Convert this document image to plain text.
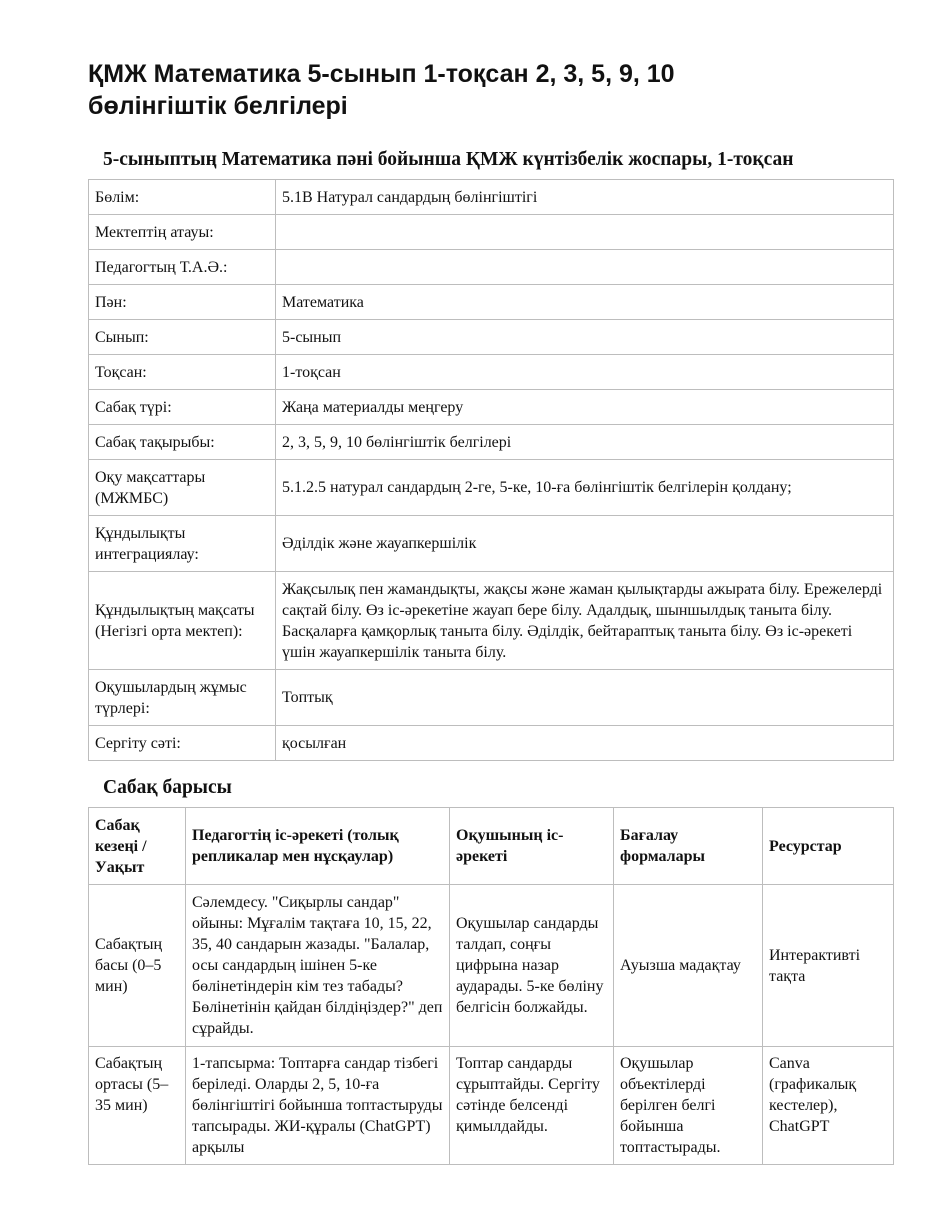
ҚМЖ Математика 5-сынып 1-тоқсан 2, 3, 5, 9, 10 бөлінгіштік белгілері
5-сыныптың Математика пәні бойынша ҚМЖ күнтізбелік жоспары, 1-тоқсан
Бөлім:	5.1В Натурал сандардың бөлінгіштігі
Мектептің атауы:	
Педагогтың Т.А.Ә.:	
Пән:	Математика
Сынып:	5-сынып
Тоқсан:	1-тоқсан
Сабақ түрі:	Жаңа материалды меңгеру
Сабақ тақырыбы:	2, 3, 5, 9, 10 бөлінгіштік белгілері
Оқу мақсаттары (МЖМБС)	5.1.2.5 натурал сандардың 2-ге, 5-ке, 10-ға бөлінгіштік белгілерін қолдану;
Құндылықты интеграциялау:	Әділдік және жауапкершілік
Құндылықтың мақсаты (Негізгі орта мектеп):	Жақсылық пен жамандықты, жақсы және жаман қылықтарды ажырата білу. Ережелерді сақтай білу. Өз іс-әрекетіне жауап бере білу. Адалдық, шыншылдық таныта білу. Басқаларға қамқорлық таныта білу. Әділдік, бейтараптық таныта білу. Өз іс-әрекеті үшін жауапкершілік таныта білу.
Оқушылардың жұмыс түрлері:	Топтық
Сергіту сәті:	қосылған
Сабақ барысы
Сабақ кезеңі / Уақыт	Педагогтің іс-әрекеті (толық репликалар мен нұсқаулар)	Оқушының іс-әрекеті	Бағалау формалары	Ресурстар
Сабақтың басы (0–5 мин)	Сәлемдесу. "Сиқырлы сандар" ойыны: Мұғалім тақтаға 10, 15, 22, 35, 40 сандарын жазады. "Балалар, осы сандардың ішінен 5-ке бөлінетіндерін кім тез табады? Бөлінетінін қайдан білдіңіздер?" деп сұрайды.	Оқушылар сандарды талдап, соңғы цифрына назар аударады. 5-ке бөліну белгісін болжайды.	Ауызша мадақтау	Интерактивті тақта
Сабақтың ортасы (5–35 мин)	1-тапсырма: Топтарға сандар тізбегі беріледі. Оларды 2, 5, 10-ға бөлінгіштігі бойынша топтастыруды тапсырады. ЖИ-құралы (ChatGPT) арқылы	Топтар сандарды сұрыптайды. Сергіту сәтінде белсенді қимылдайды.	Оқушылар объектілерді берілген белгі бойынша топтастырады.	Canva (графикалық кестелер), ChatGPT
